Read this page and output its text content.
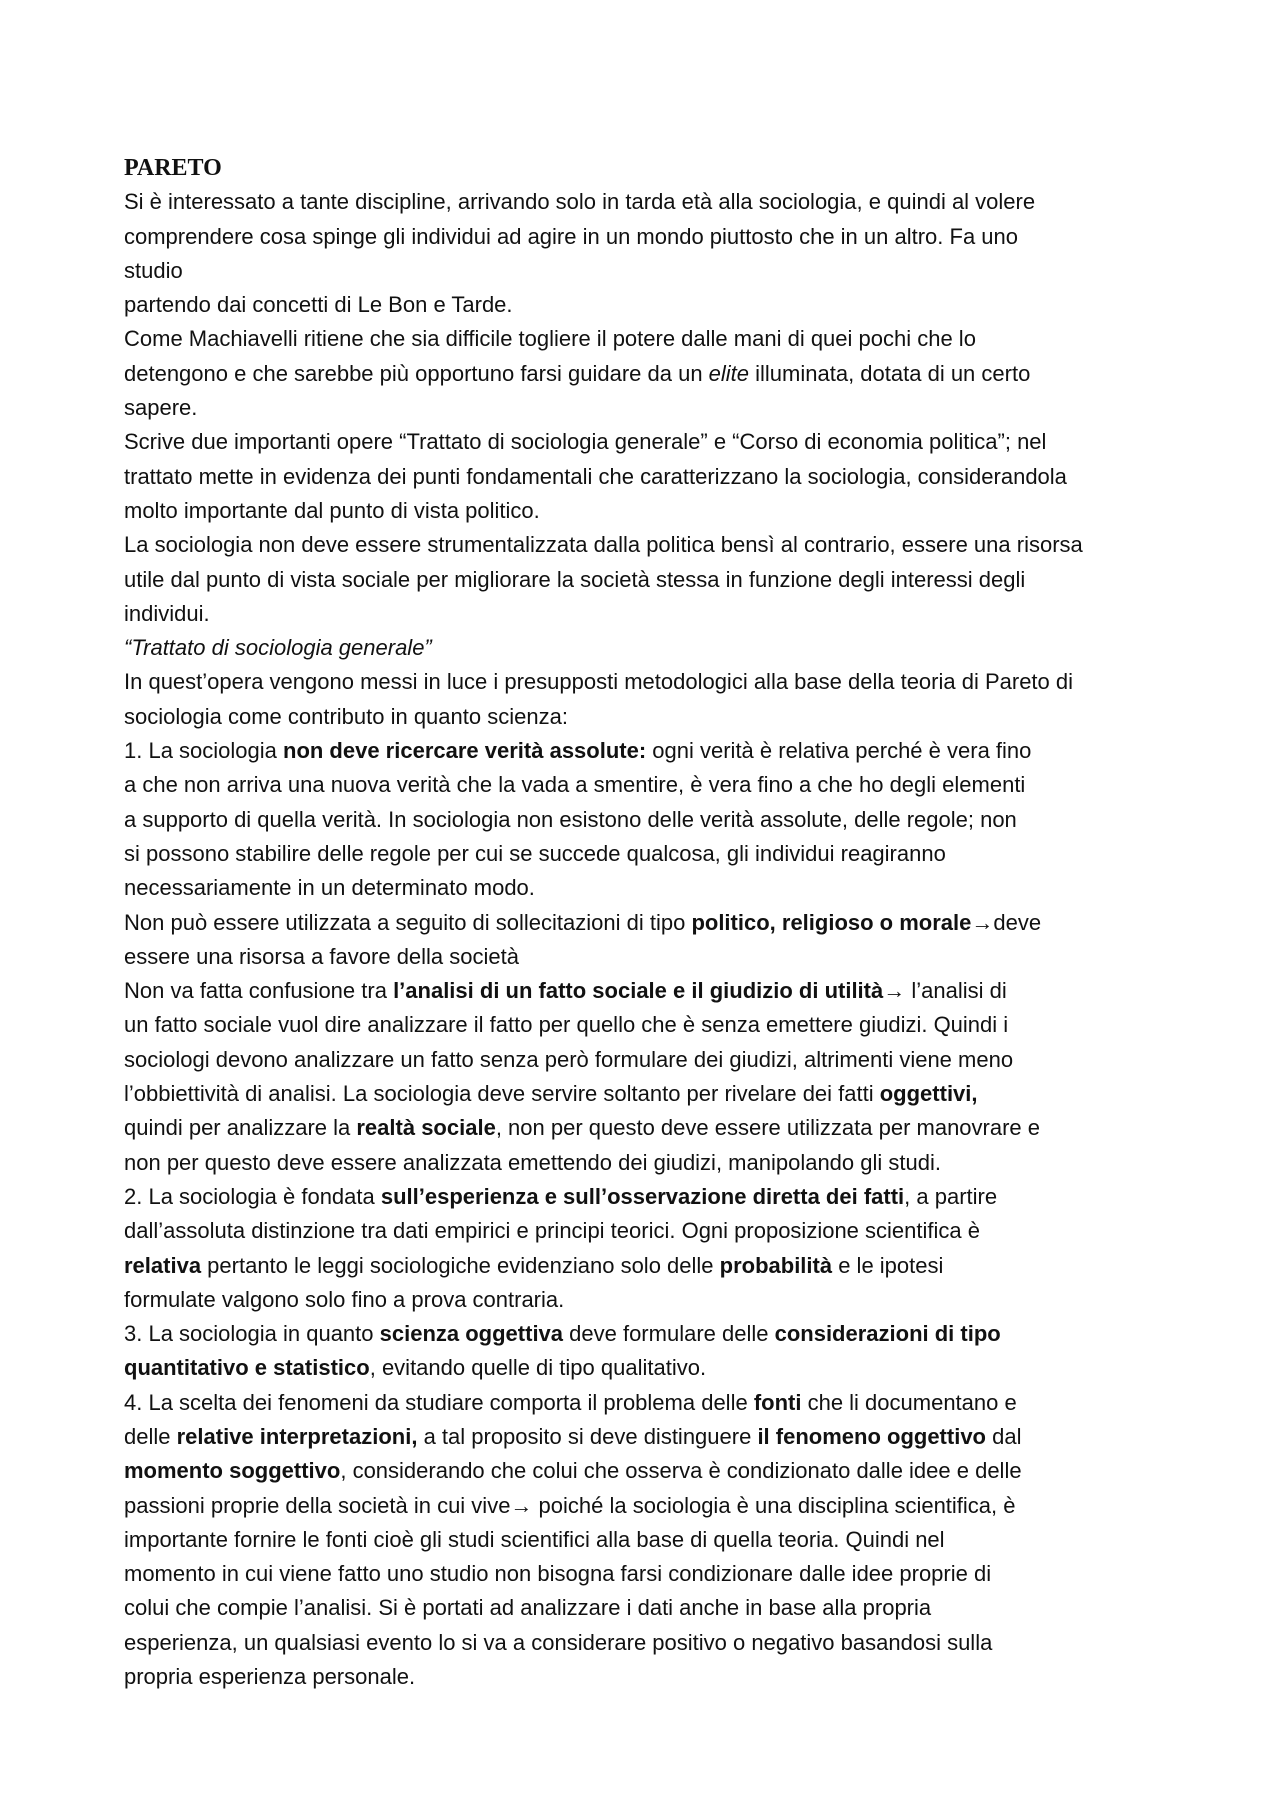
PARETO
Si è interessato a tante discipline, arrivando solo in tarda età alla sociologia, e quindi al volere
comprendere cosa spinge gli individui ad agire in un mondo piuttosto che in un altro. Fa uno
studio
partendo dai concetti di Le Bon e Tarde.
Come Machiavelli ritiene che sia difficile togliere il potere dalle mani di quei pochi che lo
detengono e che sarebbe più opportuno farsi guidare da un elite illuminata, dotata di un certo
sapere.
Scrive due importanti opere “Trattato di sociologia generale” e “Corso di economia politica”; nel
trattato mette in evidenza dei punti fondamentali che caratterizzano la sociologia, considerandola
molto importante dal punto di vista politico.
La sociologia non deve essere strumentalizzata dalla politica bensì al contrario, essere una risorsa
utile dal punto di vista sociale per migliorare la società stessa in funzione degli interessi degli
individui.
“Trattato di sociologia generale”
In quest’opera vengono messi in luce i presupposti metodologici alla base della teoria di Pareto di
sociologia come contributo in quanto scienza:
1. La sociologia non deve ricercare verità assolute: ogni verità è relativa perché è vera fino
a che non arriva una nuova verità che la vada a smentire, è vera fino a che ho degli elementi
a supporto di quella verità. In sociologia non esistono delle verità assolute, delle regole; non
si possono stabilire delle regole per cui se succede qualcosa, gli individui reagiranno
necessariamente in un determinato modo.
Non può essere utilizzata a seguito di sollecitazioni di tipo politico, religioso o morale→deve
essere una risorsa a favore della società
Non va fatta confusione tra l’analisi di un fatto sociale e il giudizio di utilità→ l’analisi di
un fatto sociale vuol dire analizzare il fatto per quello che è senza emettere giudizi. Quindi i
sociologi devono analizzare un fatto senza però formulare dei giudizi, altrimenti viene meno
l’obbiettività di analisi. La sociologia deve servire soltanto per rivelare dei fatti oggettivi,
quindi per analizzare la realtà sociale, non per questo deve essere utilizzata per manovrare e
non per questo deve essere analizzata emettendo dei giudizi, manipolando gli studi.
2. La sociologia è fondata sull’esperienza e sull’osservazione diretta dei fatti, a partire
dall’assoluta distinzione tra dati empirici e principi teorici. Ogni proposizione scientifica è
relativa pertanto le leggi sociologiche evidenziano solo delle probabilità e le ipotesi
formulate valgono solo fino a prova contraria.
3. La sociologia in quanto scienza oggettiva deve formulare delle considerazioni di tipo
quantitativo e statistico, evitando quelle di tipo qualitativo.
4. La scelta dei fenomeni da studiare comporta il problema delle fonti che li documentano e
delle relative interpretazioni, a tal proposito si deve distinguere il fenomeno oggettivo dal
momento soggettivo, considerando che colui che osserva è condizionato dalle idee e delle
passioni proprie della società in cui vive→ poiché la sociologia è una disciplina scientifica, è
importante fornire le fonti cioè gli studi scientifici alla base di quella teoria. Quindi nel
momento in cui viene fatto uno studio non bisogna farsi condizionare dalle idee proprie di
colui che compie l’analisi. Si è portati ad analizzare i dati anche in base alla propria
esperienza, un qualsiasi evento lo si va a considerare positivo o negativo basandosi sulla
propria esperienza personale.
